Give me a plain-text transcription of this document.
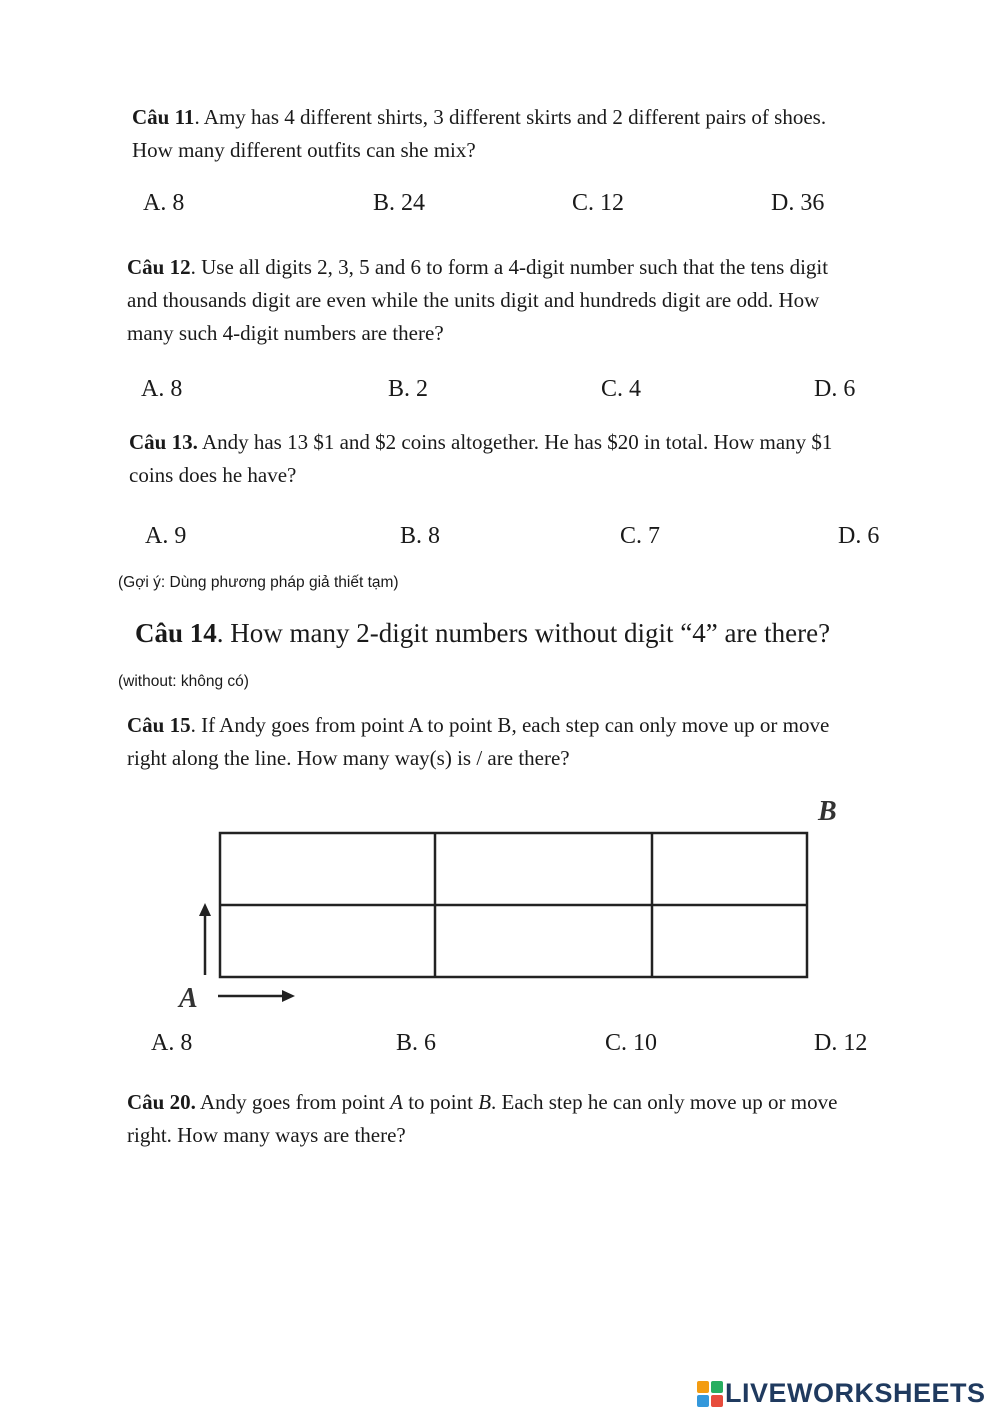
Câu 11. Amy has 4 different shirts, 3 different skirts and 2 different pairs of shoes.

How many different outfits can she mix?

A. 8	B. 24	C. 12	D. 36

Câu 12. Use all digits 2, 3, 5 and 6 to form a 4-digit number such that the tens digit

and thousands digit are even while the units digit and hundreds digit are odd. How

many such 4-digit numbers are there?

A. 8	B. 2	C. 4	D. 6

Câu 13. Andy has 13 $1 and $2 coins altogether. He has $20 in total. How many $1

coins does he have?

A. 9	B. 8	C. 7	D. 6
(Gợi ý: Dùng phương pháp giả thiết tạm)
Câu 14. How many 2-digit numbers without digit “4” are there?
(without: không có)

Câu 15. If Andy goes from point A to point B, each step can only move up or move

right along the line. How many way(s) is / are there?

B
A
A. 8	B. 6	C. 10	D. 12

Câu 20. Andy goes from point A to point B. Each step he can only move up or move

right. How many ways are there?

LIVEWORKSHEETS
